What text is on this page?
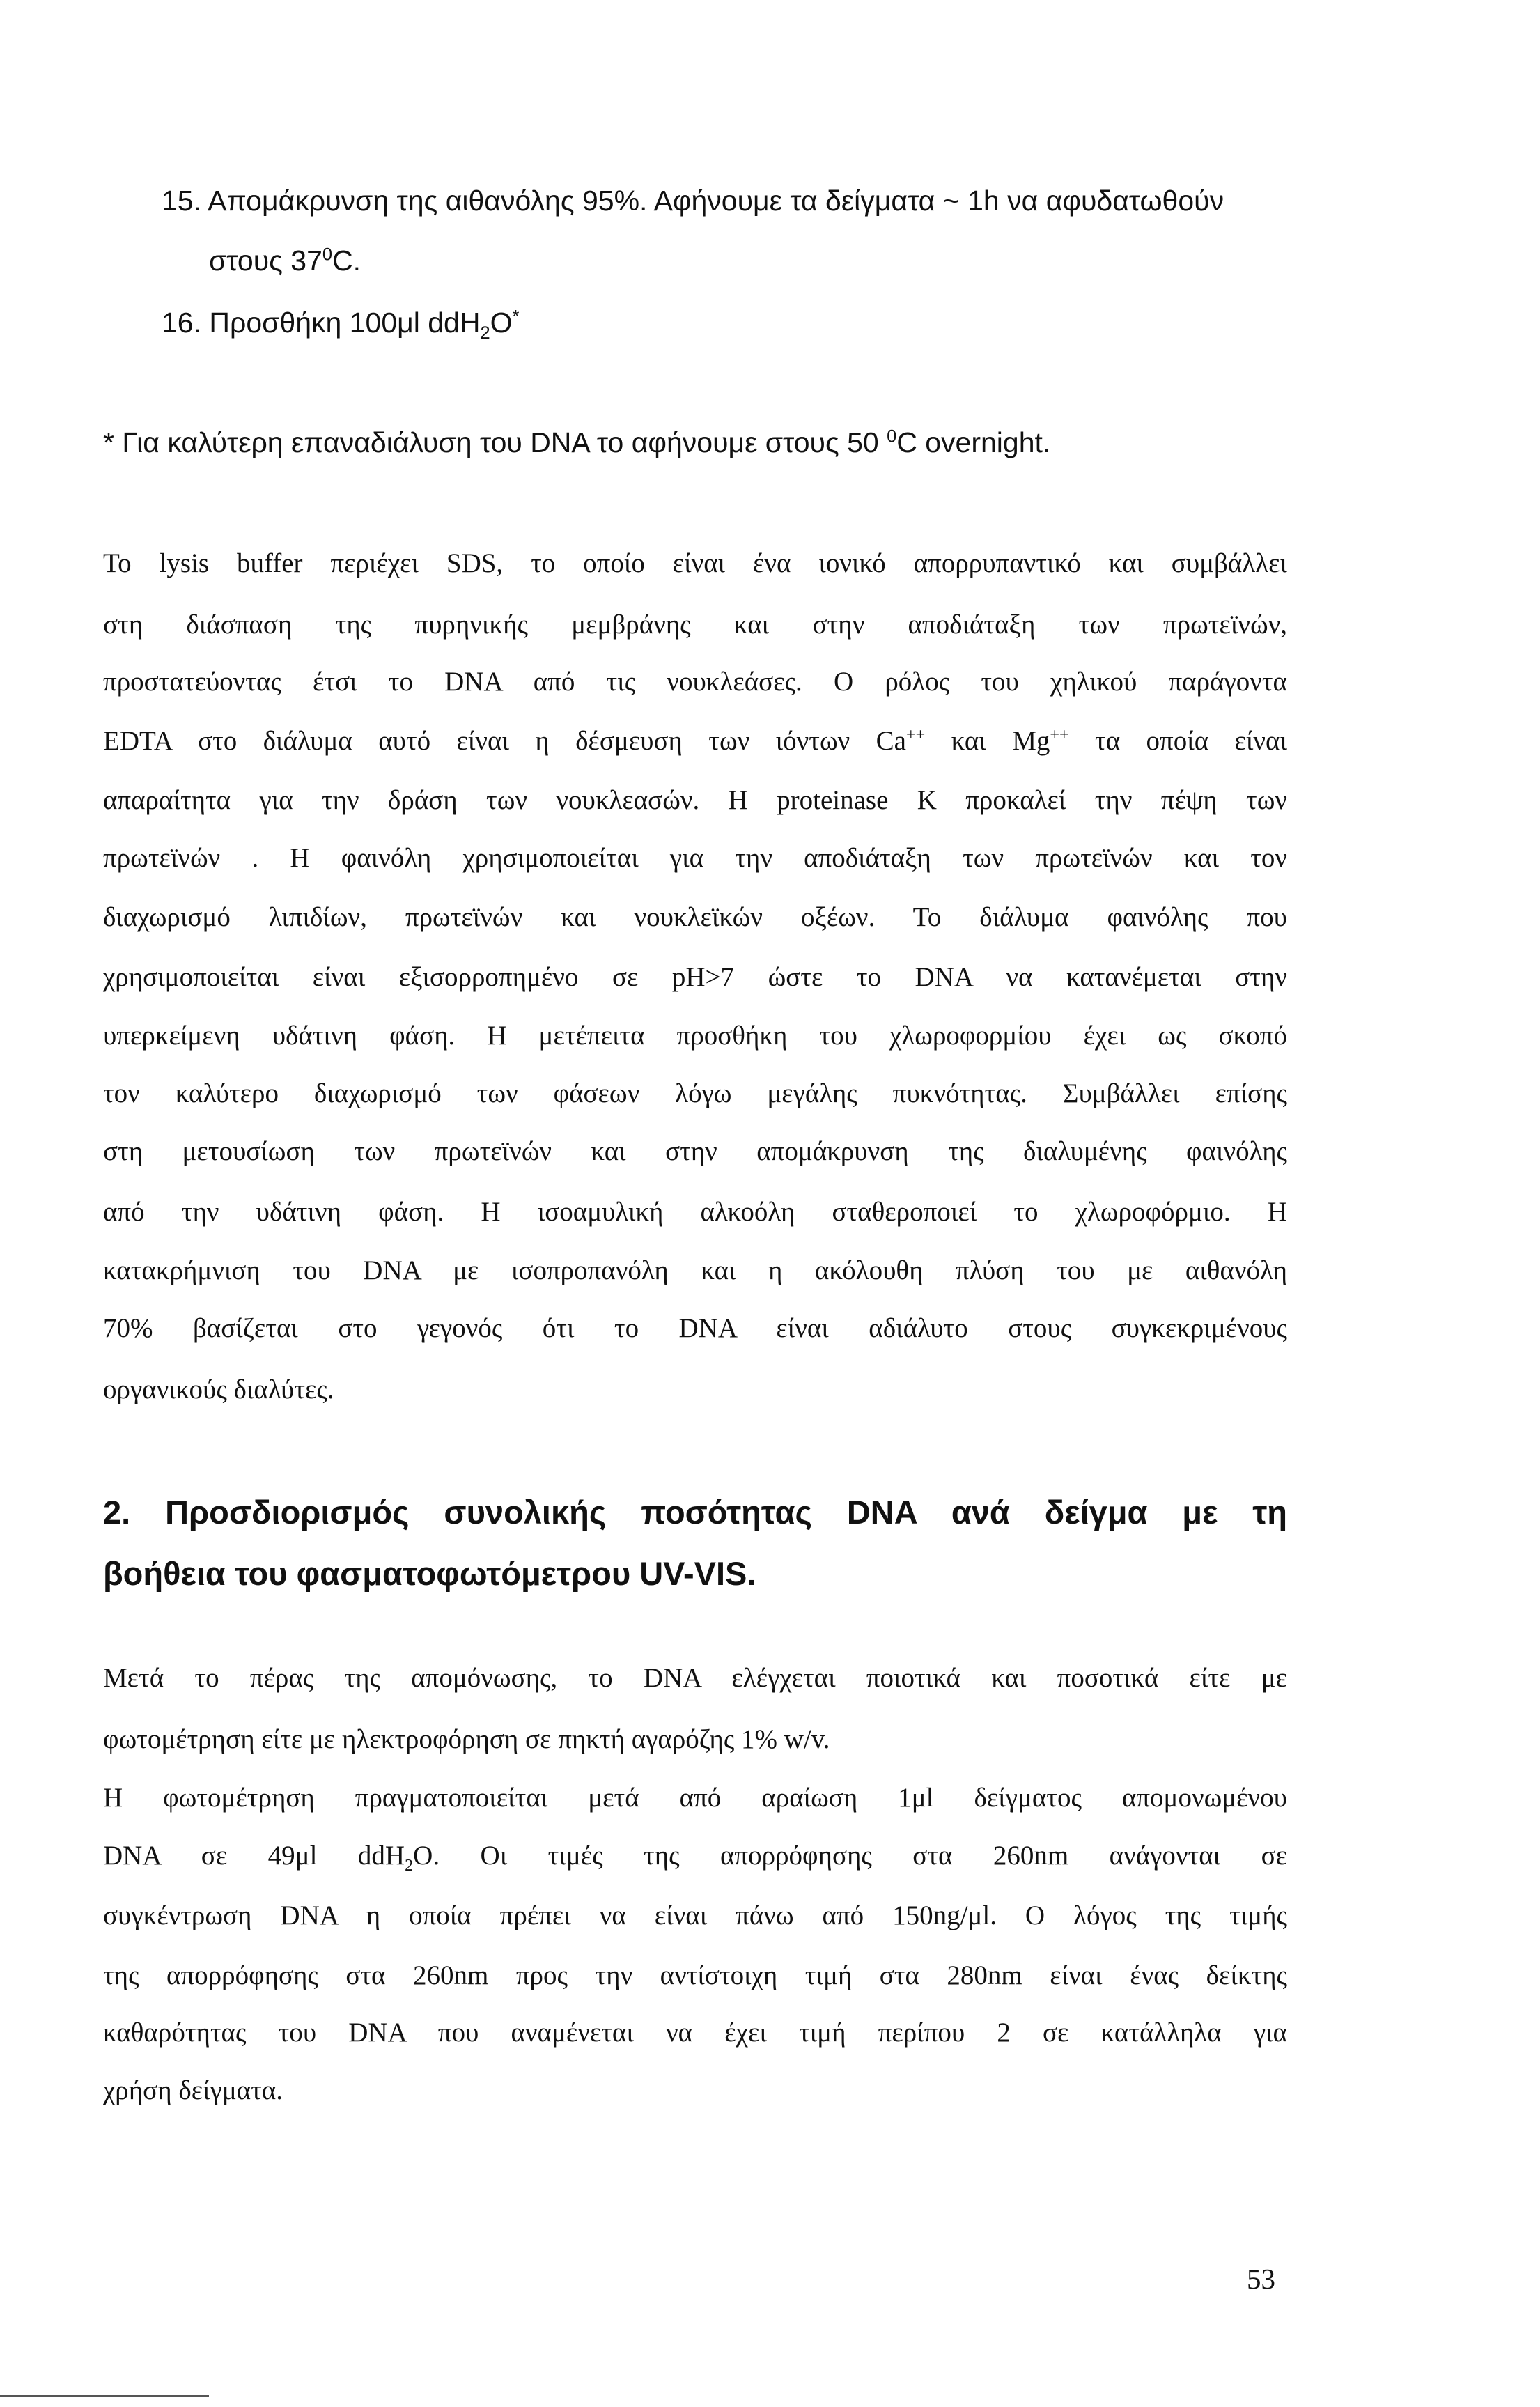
15. Απομάκρυνση της αιθανόλης 95%. Αφήνουμε τα δείγματα ~ 1h να αφυδατωθούν
στους $37^0C$.
16. Προσθήκη 100μl ddH$_2$O*
* Για καλύτερη επαναδιάλυση του DNA το αφήνουμε στους 50 $^0$C overnight.
Το lysis buffer περιέχει SDS, το οποίο είναι ένα ιονικό απορρυπαντικό και συμβάλλει
στη διάσπαση της πυρηνικής μεμβράνης και στην αποδιάταξη των πρωτεϊνών,
προστατεύοντας έτσι το DNA από τις νουκλεάσες. Ο ρόλος του χηλικού παράγοντα
EDTA στο διάλυμα αυτό είναι η δέσμευση των ιόντων Ca++ και Mg++ τα οποία είναι
απαραίτητα για την δράση των νουκλεασών. Η proteinase K προκαλεί την πέψη των
πρωτεϊνών . Η φαινόλη χρησιμοποιείται για την αποδιάταξη των πρωτεϊνών και τον
διαχωρισμό λιπιδίων, πρωτεϊνών και νουκλεϊκών οξέων. Το διάλυμα φαινόλης που
χρησιμοποιείται είναι εξισορροπημένο σε pH>7 ώστε το DNA να κατανέμεται στην
υπερκείμενη υδάτινη φάση. Η μετέπειτα προσθήκη του χλωροφορμίου έχει ως σκοπό
τον καλύτερο διαχωρισμό των φάσεων λόγω μεγάλης πυκνότητας. Συμβάλλει επίσης
στη μετουσίωση των πρωτεϊνών και στην απομάκρυνση της διαλυμένης φαινόλης
από την υδάτινη φάση. Η ισοαμυλική αλκοόλη σταθεροποιεί το χλωροφόρμιο. Η
κατακρήμνιση του DNA με ισοπροπανόλη και η ακόλουθη πλύση του με αιθανόλη
70% βασίζεται στο γεγονός ότι το DNA είναι αδιάλυτο στους συγκεκριμένους
οργανικούς διαλύτες.
2. Προσδιορισμός συνολικής ποσότητας DNA ανά δείγμα με τη
βοήθεια του φασματοφωτόμετρου UV-VIS.
Μετά το πέρας της απομόνωσης, το DNA ελέγχεται ποιοτικά και ποσοτικά είτε με
φωτομέτρηση είτε με ηλεκτροφόρηση σε πηκτή αγαρόζης 1% w/v.
Η φωτομέτρηση πραγματοποιείται μετά από αραίωση 1μl δείγματος απομονωμένου
DNA σε 49μl ddH$_2$O. Οι τιμές της απορρόφησης στα 260nm ανάγονται σε
συγκέντρωση DNA η οποία πρέπει να είναι πάνω από 150ng/μl. Ο λόγος της τιμής
της απορρόφησης στα 260nm προς την αντίστοιχη τιμή στα 280nm είναι ένας δείκτης
καθαρότητας του DNA που αναμένεται να έχει τιμή περίπου 2 σε κατάλληλα για
χρήση δείγματα.
53
